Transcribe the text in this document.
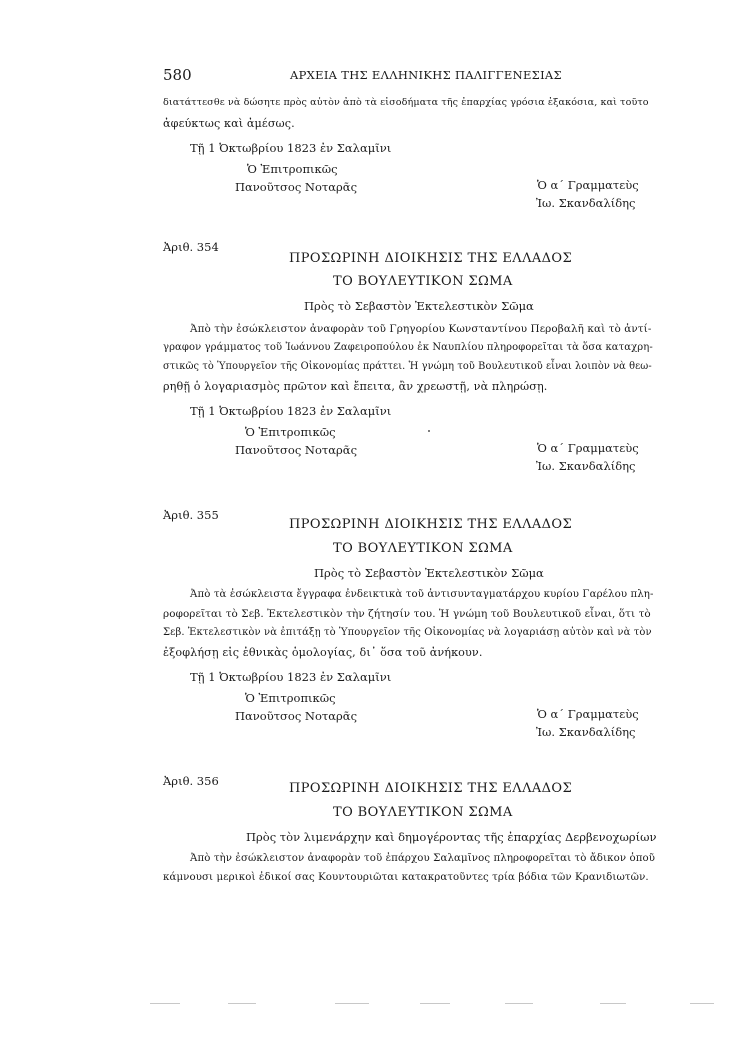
580	ΑΡΧΕΙΑ ΤΗΣ ΕΛΛΗΝΙΚΗΣ ΠΑΛΙΓΓΕΝΕΣΙΑΣ
διατάττεσθε νὰ δώσητε πρὸς αὐτὸν ἀπὸ τὰ εἰσοδήματα τῆς ἐπαρχίας γρόσια ἑξακόσια, καὶ τοῦτο
ἀφεύκτως καὶ ἀμέσως.
Τῇ 1 Ὀκτωβρίου 1823 ἐν Σαλαμῖνι
Ὁ Ἐπιτροπικῶς
Πανοῦτσος Νοταρᾶς	Ὁ α΄ Γραμματεὺς
Ἰω. Σκανδαλίδης
Ἀριθ. 354
ΠΡΟΣΩΡΙΝΗ ΔΙΟΙΚΗΣΙΣ ΤΗΣ ΕΛΛΑΔΟΣ
ΤΟ ΒΟΥΛΕΥΤΙΚΟΝ ΣΩΜΑ
Πρὸς τὸ Σεβαστὸν Ἐκτελεστικὸν Σῶμα
Ἀπὸ τὴν ἐσώκλειστον ἀναφορὰν τοῦ Γρηγορίου Κωνσταντίνου Περοβαλῆ καὶ τὸ ἀντί-
γραφον γράμματος τοῦ Ἰωάννου Ζαφειροπούλου ἐκ Ναυπλίου πληροφορεῖται τὰ ὅσα καταχρη-
στικῶς τὸ Ὑπουργεῖον τῆς Οἰκονομίας πράττει. Ἡ γνώμη τοῦ Βουλευτικοῦ εἶναι λοιπὸν νὰ θεω-
ρηθῇ ὁ λογαριασμὸς πρῶτον καὶ ἔπειτα, ἂν χρεωστῇ, νὰ πληρώσῃ.
Τῇ 1 Ὀκτωβρίου 1823 ἐν Σαλαμῖνι
Ὁ Ἐπιτροπικῶς
Πανοῦτσος Νοταρᾶς	Ὁ α΄ Γραμματεὺς
Ἰω. Σκανδαλίδης
Ἀριθ. 355
ΠΡΟΣΩΡΙΝΗ ΔΙΟΙΚΗΣΙΣ ΤΗΣ ΕΛΛΑΔΟΣ
ΤΟ ΒΟΥΛΕΥΤΙΚΟΝ ΣΩΜΑ
Πρὸς τὸ Σεβαστὸν Ἐκτελεστικὸν Σῶμα
Ἀπὸ τὰ ἐσώκλειστα ἔγγραφα ἐνδεικτικὰ τοῦ ἀντισυνταγματάρχου κυρίου Γαρέλου πλη-
ροφορεῖται τὸ Σεβ. Ἐκτελεστικὸν τὴν ζήτησίν του. Ἡ γνώμη τοῦ Βουλευτικοῦ εἶναι, ὅτι τὸ
Σεβ. Ἐκτελεστικὸν νὰ ἐπιτάξῃ τὸ Ὑπουργεῖον τῆς Οἰκονομίας νὰ λογαριάσῃ αὐτὸν καὶ νὰ τὸν
ἐξοφλήσῃ εἰς ἐθνικὰς ὁμολογίας, δι᾽ ὅσα τοῦ ἀνήκουν.
Τῇ 1 Ὀκτωβρίου 1823 ἐν Σαλαμῖνι
Ὁ Ἐπιτροπικῶς
Πανοῦτσος Νοταρᾶς	Ὁ α΄ Γραμματεὺς
Ἰω. Σκανδαλίδης
Ἀριθ. 356	ΠΡΟΣΩΡΙΝΗ ΔΙΟΙΚΗΣΙΣ ΤΗΣ ΕΛΛΑΔΟΣ
ΤΟ ΒΟΥΛΕΥΤΙΚΟΝ ΣΩΜΑ
Πρὸς τὸν λιμενάρχην καὶ δημογέροντας τῆς ἐπαρχίας Δερβενοχωρίων
Ἀπὸ τὴν ἐσώκλειστον ἀναφορὰν τοῦ ἐπάρχου Σαλαμῖνος πληροφορεῖται τὸ ἄδικον ὁποῦ
κάμνουσι μερικοὶ ἐδικοί σας Κουντουριῶται κατακρατοῦντες τρία βόδια τῶν Κρανιδιωτῶν.
